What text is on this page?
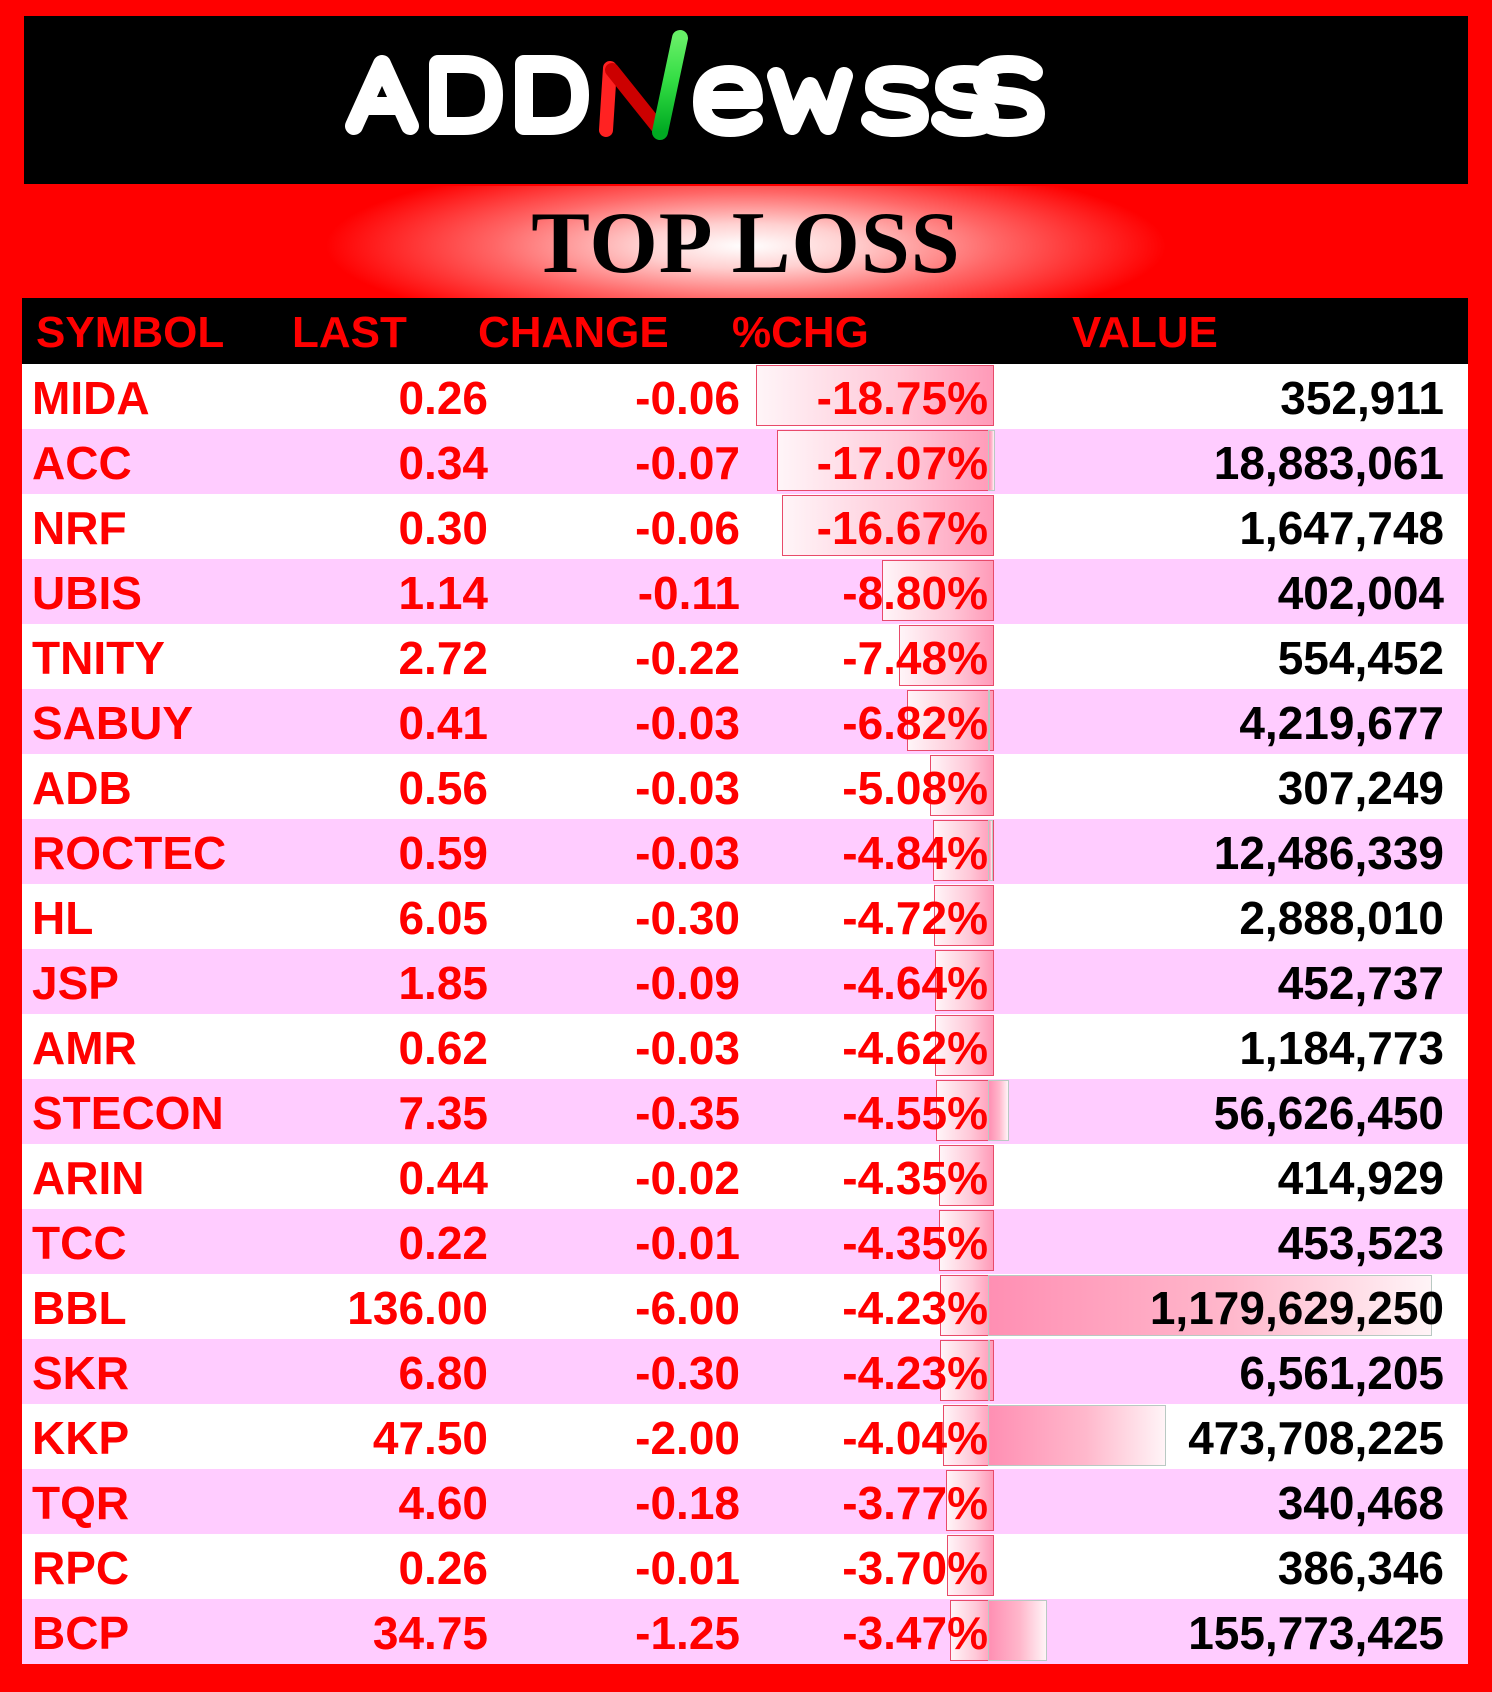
TOP LOSS
SYMBOL LAST CHANGE %CHG	VALUE
MIDA	0.26	-0.06 -18.75%	352,911
ACC	0.34	-0.07 -17.07%	18,883,061
NRF	0.30	-0.06 -16.67%	1,647,748
UBIS	1.14	-0.11 -8.80%	402,004
TNITY	2.72	-0.22 -7.48%	554,452
SABUY	0.41	-0.03 -6.82%	4,219,677
ADB	0.56	-0.03 -5.08%	307,249
ROCTEC	0.59	-0.03 -4.84%	12,486,339
HL	6.05	-0.30 -4.72%	2,888,010
JSP	1.85	-0.09 -4.64%	452,737
AMR	0.62	-0.03 -4.62%	1,184,773
STECON	7.35	-0.35 -4.55%	56,626,450
ARIN	0.44	-0.02 -4.35%	414,929
TCC	0.22	-0.01 -4.35%	453,523
BBL	136.00	-6.00 -4.23%	1,179,629,250
SKR	6.80	-0.30 -4.23%	6,561,205
KKP	47.50	-2.00 -4.04%	473,708,225
TQR	4.60	-0.18 -3.77%	340,468
RPC	0.26	-0.01 -3.70%	386,346
BCP	34.75	-1.25 -3.47%	155,773,425
